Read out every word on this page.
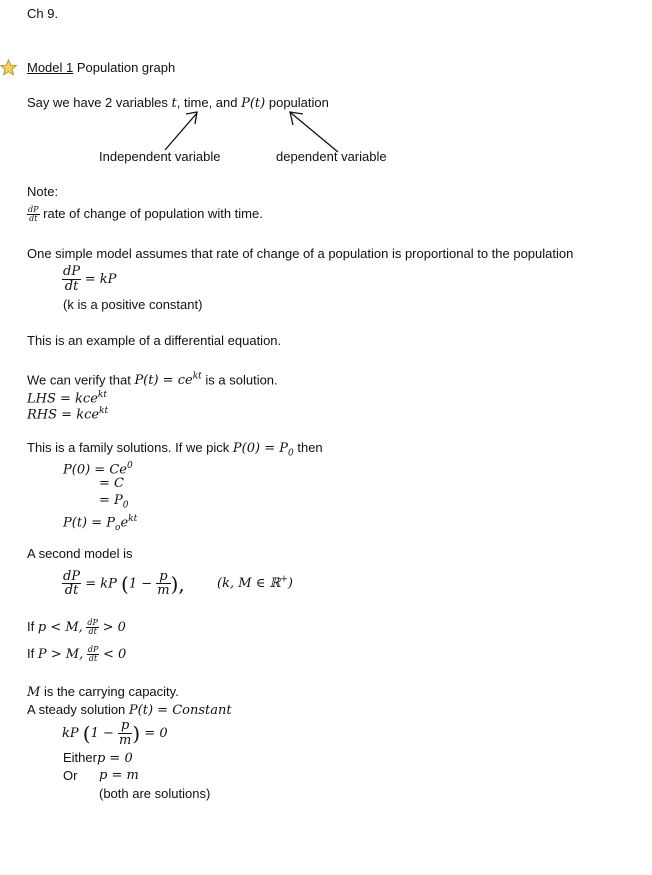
Ch 9.
Model 1 Population graph
Say we have 2 variables t, time, and P(t) population
Independent variable	dependent variable
Note:
$\frac{dP}{dt}$ rate of change of population with time.
One simple model assumes that rate of change of a population is proportional to the population
$\frac{dP}{dt}$ = kP
(k is a positive constant)
This is an example of a differential equation.
We can verify that $P(t) = ce^{kt}$ is a solution.
LHS = kce$^{kt}$
RHS = kce$^{kt}$
This is a family solutions. If we pick $P(0) = P_0$ then
$P(0) = Ce^0$
= C
= $P_0$
$P(t) = P_oe^{kt}$
A second model is
$\frac{dP}{dt}$ = kP ($1 - \frac{p}{m}$ ), (k, M ∈ ℝ+)
If p < M, $\frac{dP}{dt} > 0$
If P > M, $\frac{dP}{dt} < 0$
M is the carrying capacity.
A steady solution P(t) = Constant
kP ($1 - \frac{p}{m}$ ) = 0
Eitherp = 0
Or p = m
(both are solutions)
